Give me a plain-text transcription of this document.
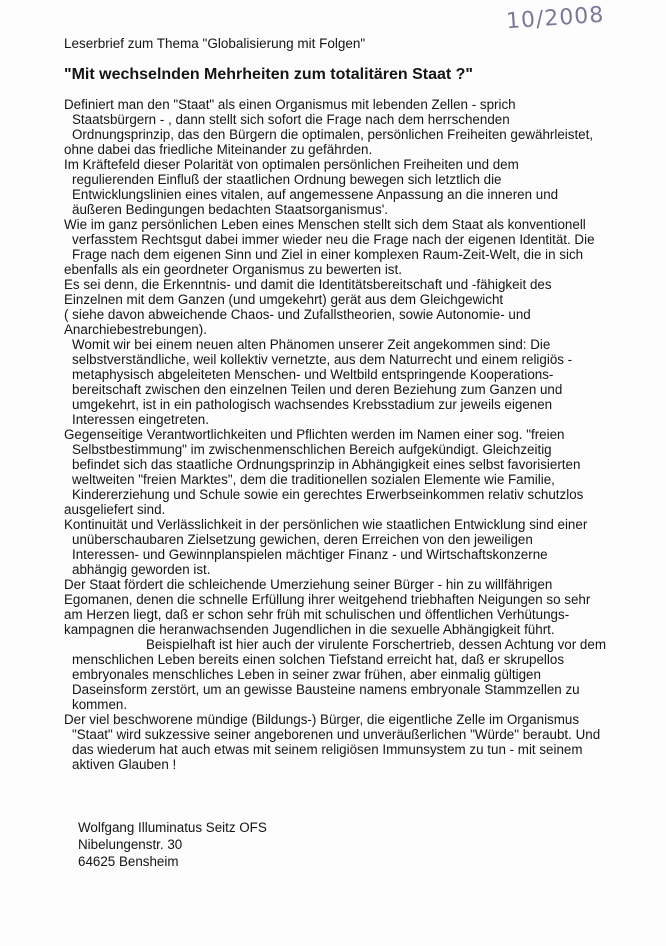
10/2008
Leserbrief zum Thema "Globalisierung mit Folgen"
"Mit wechselnden Mehrheiten zum totalitären Staat ?"
Definiert man den "Staat" als einen Organismus mit lebenden Zellen - sprich
Staatsbürgern - , dann stellt sich sofort die Frage nach dem herrschenden
Ordnungsprinzip, das den Bürgern die optimalen, persönlichen Freiheiten gewährleistet,
ohne dabei das friedliche Miteinander zu gefährden.
Im Kräftefeld dieser Polarität von optimalen persönlichen Freiheiten und dem
regulierenden Einfluß der staatlichen Ordnung bewegen sich letztlich die
Entwicklungslinien eines vitalen, auf angemessene Anpassung an die inneren und
äußeren Bedingungen bedachten Staatsorganismus'.
Wie im ganz persönlichen Leben eines Menschen stellt sich dem Staat als konventionell
verfasstem Rechtsgut dabei immer wieder neu die Frage nach der eigenen Identität. Die
Frage nach dem eigenen Sinn und Ziel in einer komplexen Raum-Zeit-Welt, die in sich
ebenfalls als ein geordneter Organismus zu bewerten ist.
Es sei denn, die Erkenntnis- und damit die Identitätsbereitschaft und -fähigkeit des
Einzelnen mit dem Ganzen (und umgekehrt) gerät aus dem Gleichgewicht
( siehe davon abweichende Chaos- und Zufallstheorien, sowie Autonomie- und
Anarchiebestrebungen).
Womit wir bei einem neuen alten Phänomen unserer Zeit angekommen sind: Die
selbstverständliche, weil kollektiv vernetzte, aus dem Naturrecht und einem religiös -
metaphysisch abgeleiteten Menschen- und Weltbild entspringende Kooperations-
bereitschaft zwischen den einzelnen Teilen und deren Beziehung zum Ganzen und
umgekehrt, ist in ein pathologisch wachsendes Krebsstadium zur jeweils eigenen
Interessen eingetreten.
Gegenseitige Verantwortlichkeiten und Pflichten werden im Namen einer sog. "freien
Selbstbestimmung" im zwischenmenschlichen Bereich aufgekündigt. Gleichzeitig
befindet sich das staatliche Ordnungsprinzip in Abhängigkeit eines selbst favorisierten
weltweiten "freien Marktes", dem die traditionellen sozialen Elemente wie Familie,
Kindererziehung und Schule sowie ein gerechtes Erwerbseinkommen relativ schutzlos
ausgeliefert sind.
Kontinuität und Verlässlichkeit in der persönlichen wie staatlichen Entwicklung sind einer
unüberschaubaren Zielsetzung gewichen, deren Erreichen von den jeweiligen
Interessen- und Gewinnplanspielen mächtiger Finanz - und Wirtschaftskonzerne
abhängig geworden ist.
Der Staat fördert die schleichende Umerziehung seiner Bürger - hin zu willfährigen
Egomanen, denen die schnelle Erfüllung ihrer weitgehend triebhaften Neigungen so sehr
am Herzen liegt, daß er schon sehr früh mit schulischen und öffentlichen Verhütungs-
kampagnen die heranwachsenden Jugendlichen in die sexuelle Abhängigkeit führt.
Beispielhaft ist hier auch der virulente Forschertrieb, dessen Achtung vor dem
menschlichen Leben bereits einen solchen Tiefstand erreicht hat, daß er skrupellos
embryonales menschliches Leben in seiner zwar frühen, aber einmalig gültigen
Daseinsform zerstört, um an gewisse Bausteine namens embryonale Stammzellen zu
kommen.
Der viel beschworene mündige (Bildungs-) Bürger, die eigentliche Zelle im Organismus
"Staat" wird sukzessive seiner angeborenen und unveräußerlichen "Würde" beraubt. Und
das wiederum hat auch etwas mit seinem religiösen Immunsystem zu tun - mit seinem
aktiven Glauben !
Wolfgang Illuminatus Seitz OFS
Nibelungenstr. 30
64625 Bensheim
